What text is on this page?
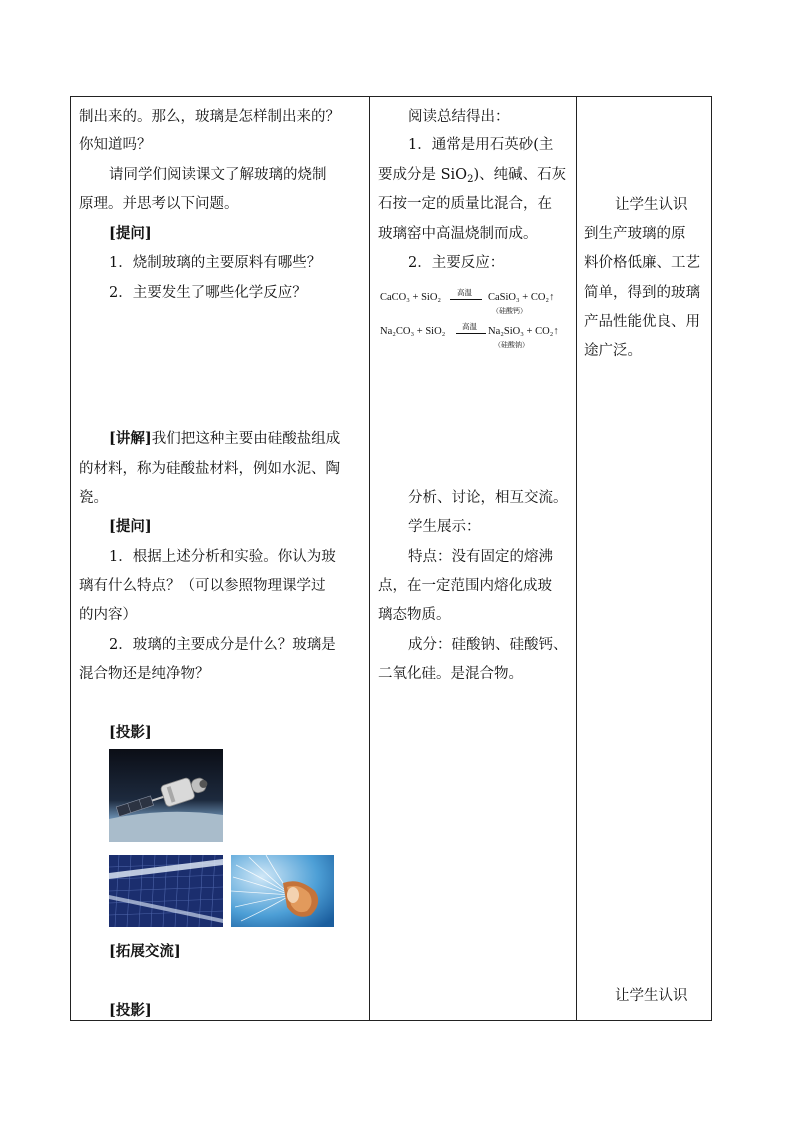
制出来的。那么，玻璃是怎样制出来的？
你知道吗？
请同学们阅读课文了解玻璃的烧制
原理。并思考以下问题。
[提问]
1．烧制玻璃的主要原料有哪些？
2．主要发生了哪些化学反应？
[讲解]我们把这种主要由硅酸盐组成
的材料，称为硅酸盐材料，例如水泥、陶
瓷。
[提问]
1．根据上述分析和实验。你认为玻
璃有什么特点？（可以参照物理课学过
的内容）
2．玻璃的主要成分是什么？玻璃是
混合物还是纯净物？
[投影]
[拓展交流]
[投影]
阅读总结得出：
1．通常是用石英砂(主
要成分是 SiO$_2$)、纯碱、石灰
石按一定的质量比混合，在
玻璃窑中高温烧制而成。
2．主要反应：
CaCO₃ + SiO₂ 高温 CaSiO₃ + CO₂↑
（硅酸钙）
Na₂CO₃ + SiO₂ 高温 Na₂SiO₃ + CO₂↑
（硅酸钠）
分析、讨论，相互交流。
学生展示：
特点：没有固定的熔沸
点，在一定范围内熔化成玻
璃态物质。
成分：硅酸钠、硅酸钙、
二氧化硅。是混合物。
让学生认识
到生产玻璃的原
料价格低廉、工艺
简单，得到的玻璃
产品性能优良、用
途广泛。
让学生认识
